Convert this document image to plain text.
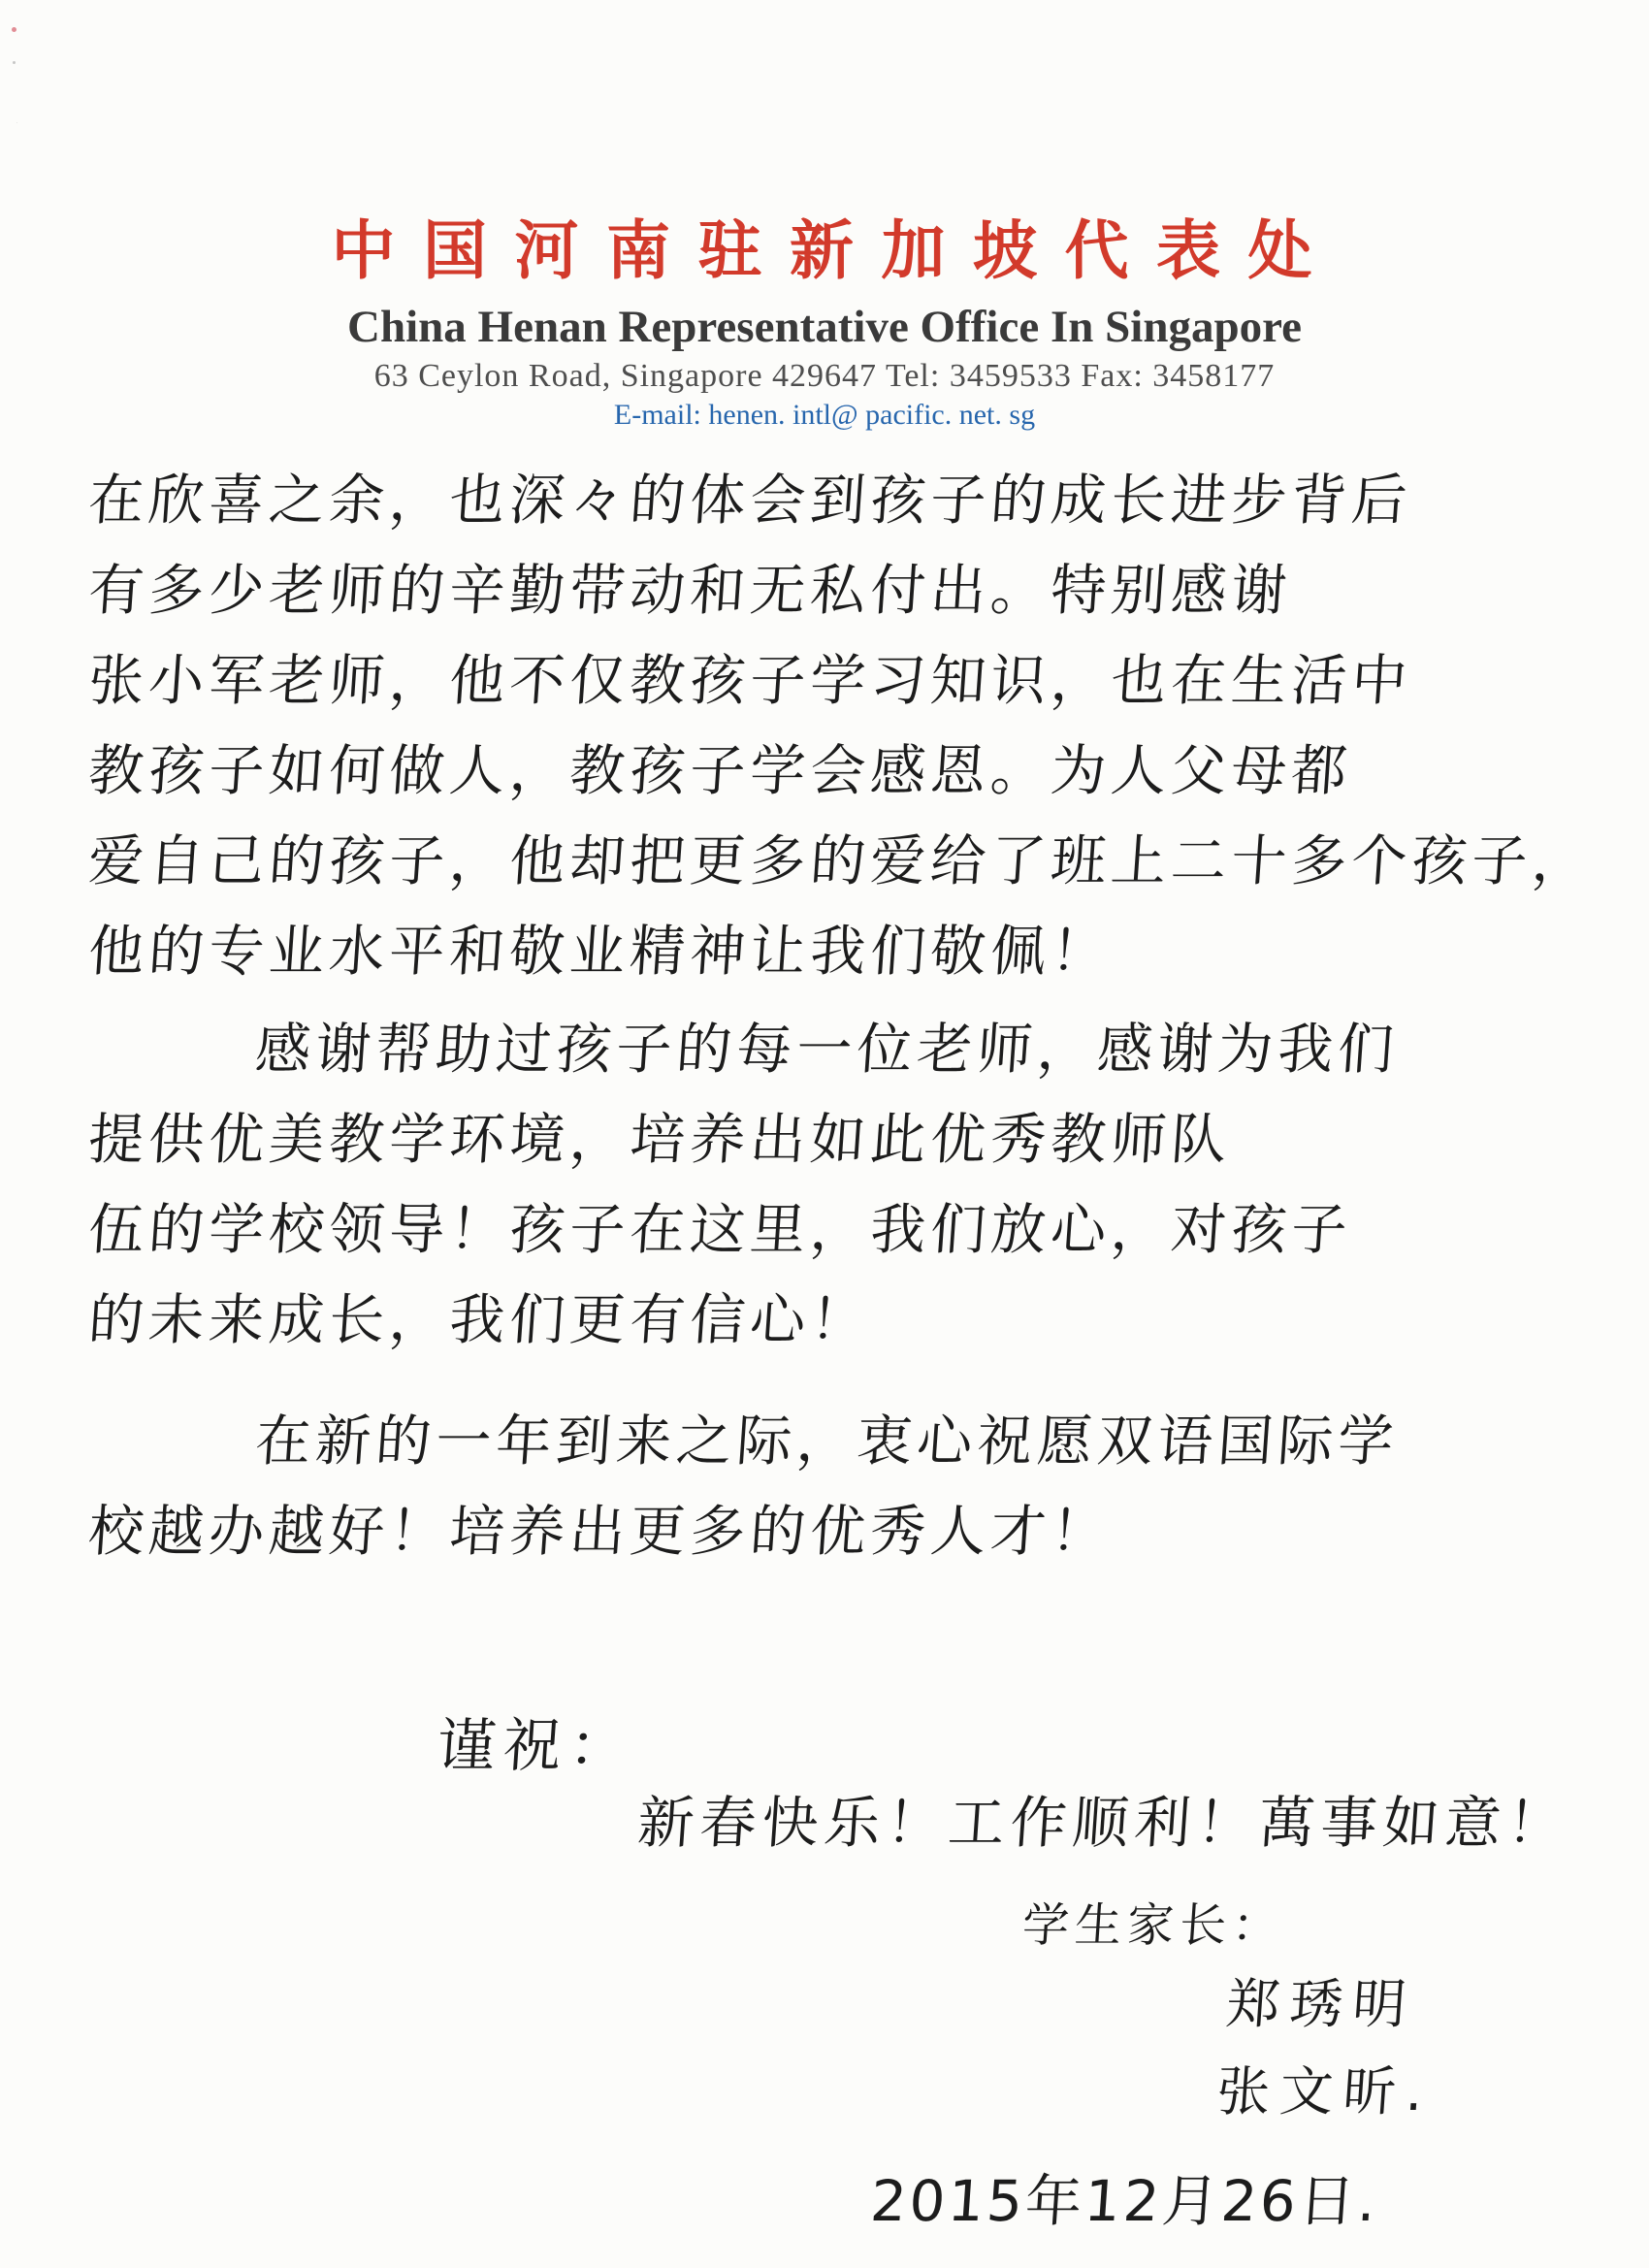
中 国 河 南 驻 新 加 坡 代 表 处
China Henan Representative Office In Singapore
63 Ceylon Road, Singapore 429647 Tel: 3459533 Fax: 3458177
E-mail: henen. intl@ pacific. net. sg
在欣喜之余，也深々的体会到孩子的成长进步背后
有多少老师的辛勤带动和无私付出。特别感谢
张小军老师，他不仅教孩子学习知识，也在生活中
教孩子如何做人，教孩子学会感恩。为人父母都
爱自己的孩子，他却把更多的爱给了班上二十多个孩子，
他的专业水平和敬业精神让我们敬佩！
感谢帮助过孩子的每一位老师，感谢为我们
提供优美教学环境，培养出如此优秀教师队
伍的学校领导！孩子在这里，我们放心，对孩子
的未来成长，我们更有信心！
在新的一年到来之际，衷心祝愿双语国际学
校越办越好！培养出更多的优秀人才！
谨祝：
新春快乐！工作顺利！萬事如意！
学生家长：
郑琇明
张文昕.
2015年12月26日.
